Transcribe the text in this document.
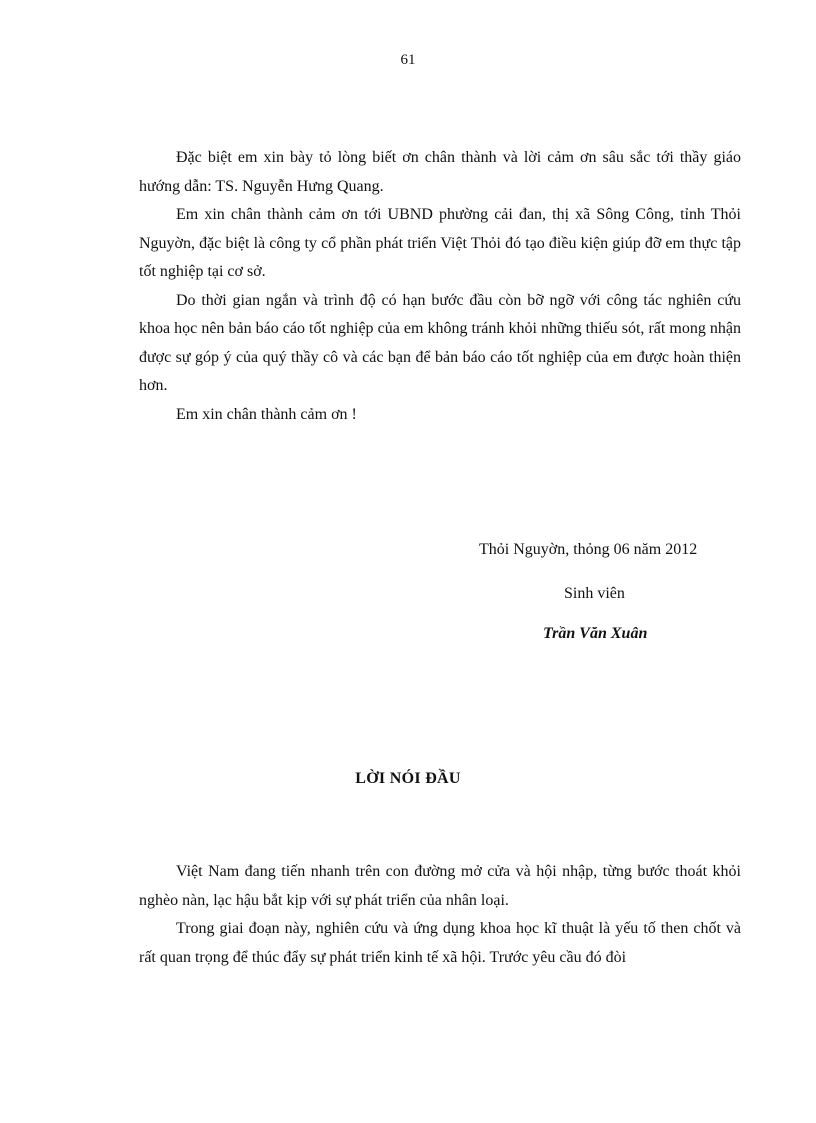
61

Đặc biệt em xin bày tỏ lòng biết ơn chân thành và lời cảm ơn sâu sắc tới thầy giáo hướng dẫn: TS. Nguyễn Hưng Quang.

Em xin chân thành cảm ơn tới UBND phường cải đan, thị xã Sông Công, tỉnh Thỏi Nguyờn, đặc biệt là công ty cổ phần phát triển Việt Thỏi đó tạo điều kiện giúp đỡ em thực tập tốt nghiệp tại cơ sở.

Do thời gian ngắn và trình độ có hạn bước đầu còn bỡ ngỡ với công tác nghiên cứu khoa học nên bản báo cáo tốt nghiệp của em không tránh khỏi những thiếu sót, rất mong nhận được sự góp ý của quý thầy cô và các bạn để bản báo cáo tốt nghiệp của em được hoàn thiện hơn.

Em xin chân thành cảm ơn !

Thỏi Nguyờn, thỏng 06 năm 2012
Sinh viên
Trần Văn Xuân
LỜI NÓI ĐẦU

Việt Nam đang tiến nhanh trên con đường mở cửa và hội nhập, từng bước thoát khỏi nghèo nàn, lạc hậu bắt kịp với sự phát triển của nhân loại.

Trong giai đoạn này, nghiên cứu và ứng dụng khoa học kĩ thuật là yếu tố then chốt và rất quan trọng để thúc đẩy sự phát triển kinh tế xã hội. Trước yêu cầu đó đòi
